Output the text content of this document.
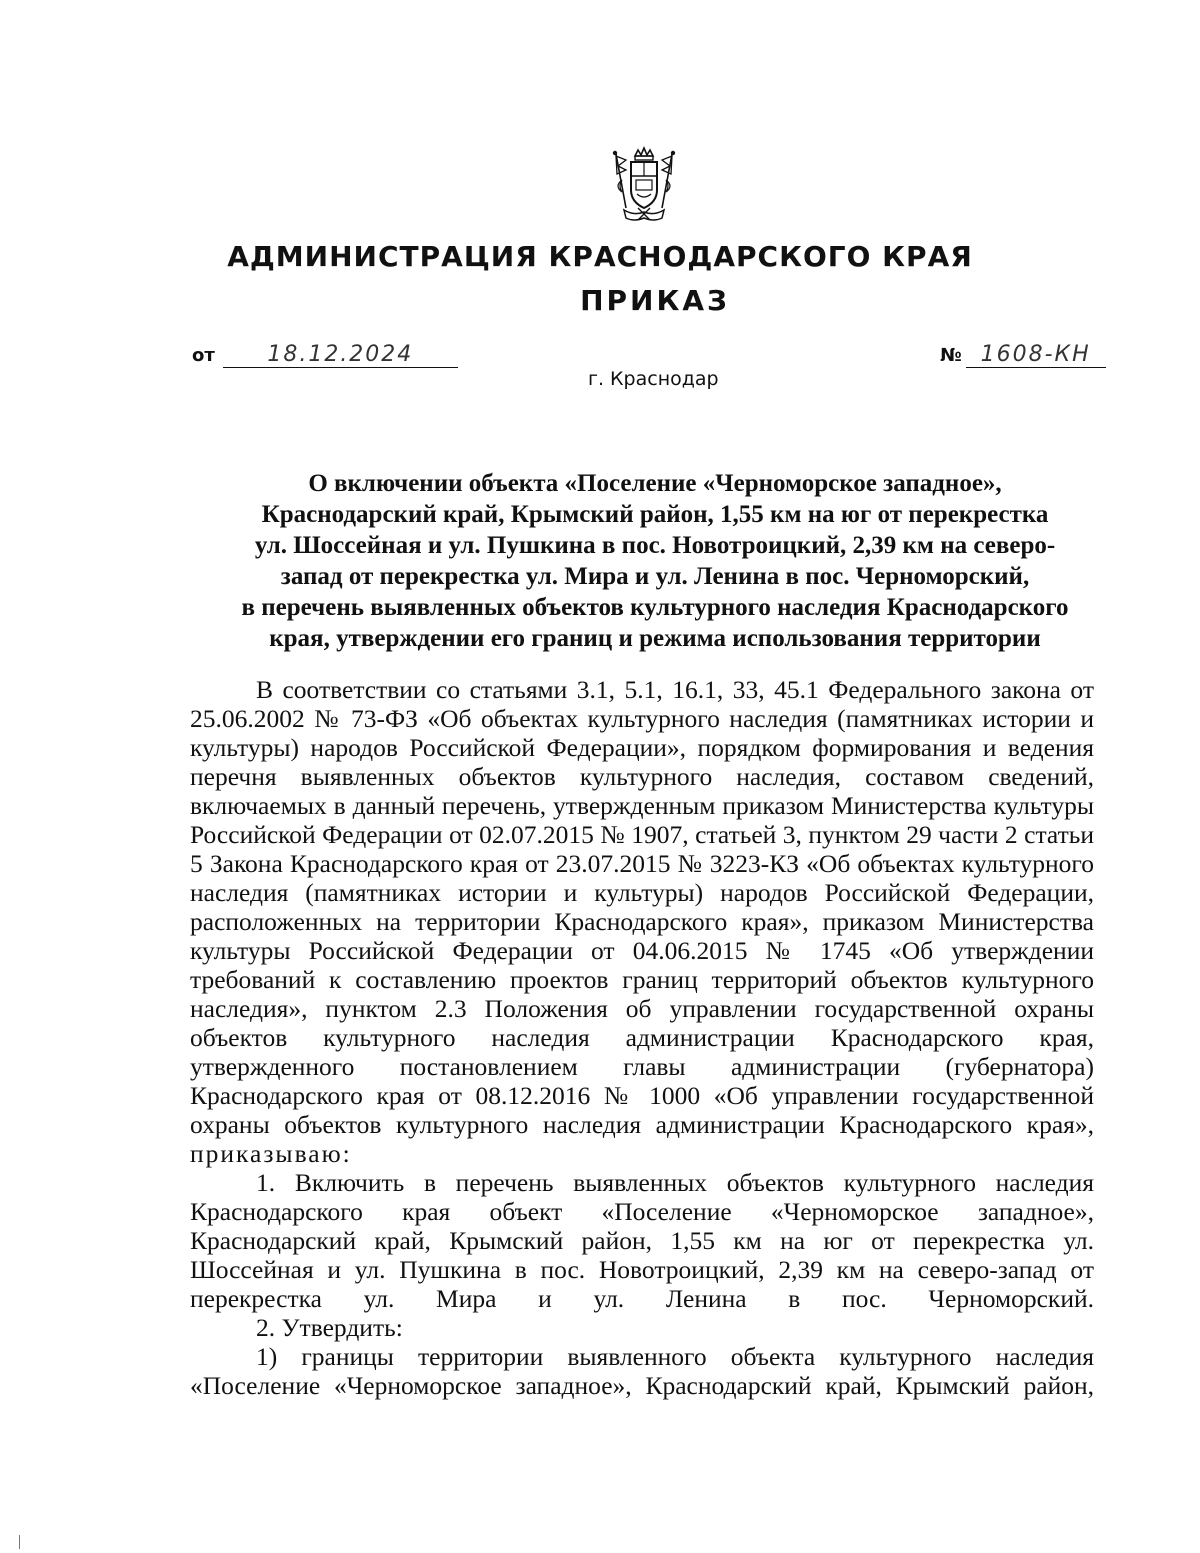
АДМИНИСТРАЦИЯ КРАСНОДАРСКОГО КРАЯ
ПРИКАЗ
от 18.12.2024	№ 1608-КН
г. Краснодар
О включении объекта «Поселение «Черноморское западное»,
Краснодарский край, Крымский район, 1,55 км на юг от перекрестка
ул. Шоссейная и ул. Пушкина в пос. Новотроицкий, 2,39 км на северо-
запад от перекрестка ул. Мира и ул. Ленина в пос. Черноморский,
в перечень выявленных объектов культурного наследия Краснодарского
края, утверждении его границ и режима использования территории

В соответствии со статьями 3.1, 5.1, 16.1, 33, 45.1 Федерального закона от 25.06.2002 № 73-ФЗ «Об объектах культурного наследия (памятниках истории и культуры) народов Российской Федерации», порядком формирования и ведения перечня выявленных объектов культурного наследия, составом сведений, включаемых в данный перечень, утвержденным приказом Министерства культуры Российской Федерации от 02.07.2015 № 1907, статьей 3, пунктом 29 части 2 статьи 5 Закона Краснодарского края от 23.07.2015 № 3223-КЗ «Об объектах культурного наследия (памятниках истории и культуры) народов Российской Федерации, расположенных на территории Краснодарского края», приказом Министерства культуры Российской Федерации от 04.06.2015 № 1745 «Об утверждении требований к составлению проектов границ территорий объектов культурного наследия», пунктом 2.3 Положения об управлении государственной охраны объектов культурного наследия администрации Краснодарского края, утвержденного постановлением главы администрации (губернатора) Краснодарского края от 08.12.2016 № 1000 «Об управлении государственной охраны объектов культурного наследия администрации Краснодарского края»,

приказываю:

1. Включить в перечень выявленных объектов культурного наследия Краснодарского края объект «Поселение «Черноморское западное», Краснодарский край, Крымский район, 1,55 км на юг от перекрестка ул. Шоссейная и ул. Пушкина в пос. Новотроицкий, 2,39 км на северо-запад от перекрестка ул. Мира и ул. Ленина в пос. Черноморский.

2. Утвердить:

1) границы территории выявленного объекта культурного наследия «Поселение «Черноморское западное», Краснодарский край, Крымский район,
